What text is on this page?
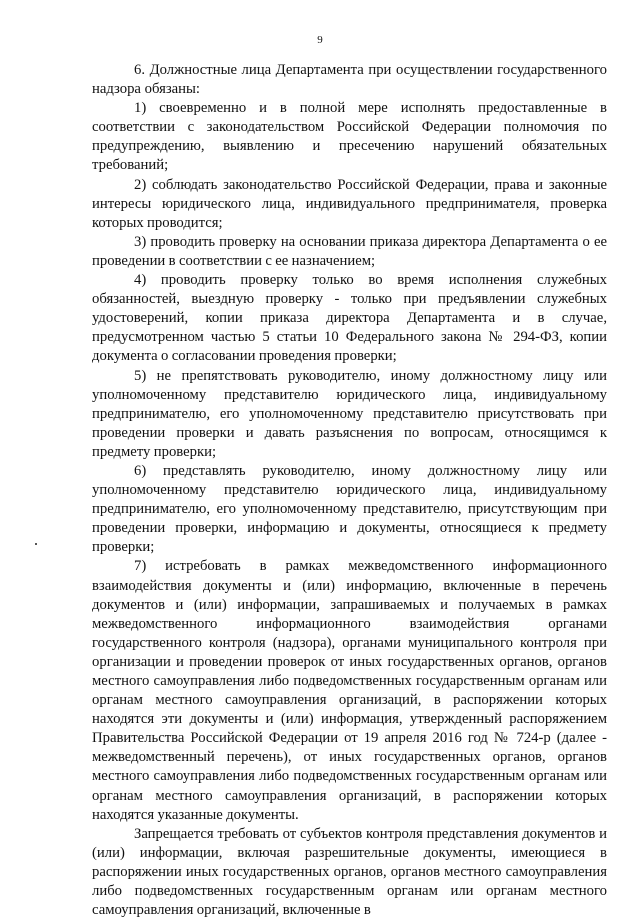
9

6. Должностные лица Департамента при осуществлении государственного надзора обязаны:

1) своевременно и в полной мере исполнять предоставленные в соответствии с законодательством Российской Федерации полномочия по предупреждению, выявлению и пресечению нарушений обязательных требований;

2) соблюдать законодательство Российской Федерации, права и законные интересы юридического лица, индивидуального предпринимателя, проверка которых проводится;

3) проводить проверку на основании приказа директора Департамента о ее проведении в соответствии с ее назначением;

4) проводить проверку только во время исполнения служебных обязанностей, выездную проверку - только при предъявлении служебных удостоверений, копии приказа директора Департамента и в случае, предусмотренном частью 5 статьи 10 Федерального закона № 294-ФЗ, копии документа о согласовании проведения проверки;

5) не препятствовать руководителю, иному должностному лицу или уполномоченному представителю юридического лица, индивидуальному предпринимателю, его уполномоченному представителю присутствовать при проведении проверки и давать разъяснения по вопросам, относящимся к предмету проверки;

6) представлять руководителю, иному должностному лицу или уполномоченному представителю юридического лица, индивидуальному предпринимателю, его уполномоченному представителю, присутствующим при проведении проверки, информацию и документы, относящиеся к предмету проверки;

7) истребовать в рамках межведомственного информационного взаимодействия документы и (или) информацию, включенные в перечень документов и (или) информации, запрашиваемых и получаемых в рамках межведомственного информационного взаимодействия органами государственного контроля (надзора), органами муниципального контроля при организации и проведении проверок от иных государственных органов, органов местного самоуправления либо подведомственных государственным органам или органам местного самоуправления организаций, в распоряжении которых находятся эти документы и (или) информация, утвержденный распоряжением Правительства Российской Федерации от 19 апреля 2016 год № 724-р (далее - межведомственный перечень), от иных государственных органов, органов местного самоуправления либо подведомственных государственным органам или органам местного самоуправления организаций, в распоряжении которых находятся указанные документы.

Запрещается требовать от субъектов контроля представления документов и (или) информации, включая разрешительные документы, имеющиеся в распоряжении иных государственных органов, органов местного самоуправления либо подведомственных государственным органам или органам местного самоуправления организаций, включенные в
